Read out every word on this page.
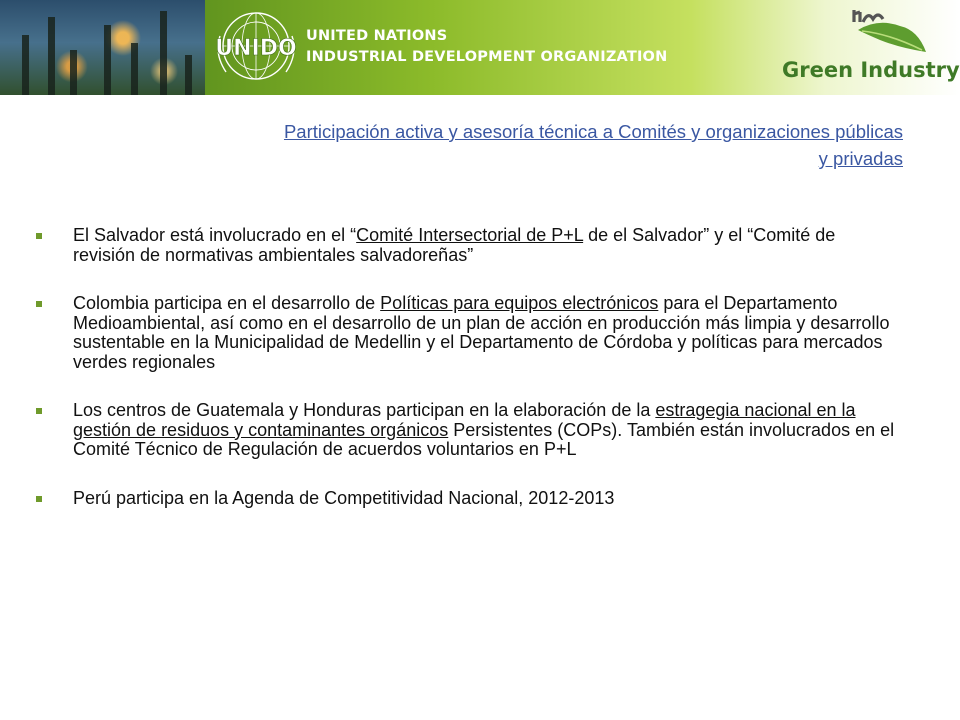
UNIDO UNITED NATIONS
INDUSTRIAL DEVELOPMENT ORGANIZATION
Green Industry
Participación activa y asesoría técnica a Comités y organizaciones públicas y privadas
El Salvador está involucrado en el “Comité Intersectorial de P+L de el Salvador” y el “Comité de revisión de normativas ambientales salvadoreñas”
Colombia participa en el desarrollo de Políticas para equipos electrónicos para el Departamento Medioambiental, así como en el desarrollo de un plan de acción en producción más limpia y desarrollo sustentable en la Municipalidad de Medellin y el Departamento de Córdoba y políticas para mercados verdes regionales
Los centros de Guatemala y Honduras participan en la elaboración de la estragegia nacional en la gestión de residuos y contaminantes orgánicos Persistentes (COPs). También están involucrados en el Comité Técnico de Regulación de acuerdos voluntarios en P+L
Perú participa en la Agenda de Competitividad Nacional, 2012-2013
